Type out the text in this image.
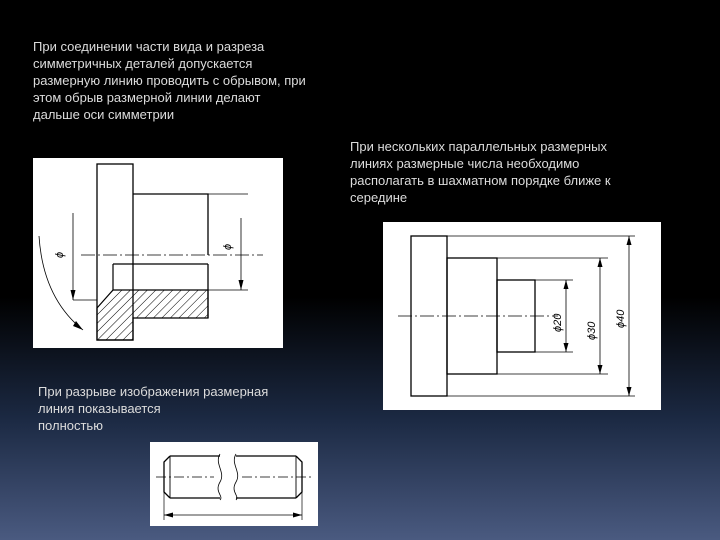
При соединении части вида и разреза
симметричных деталей допускается
размерную линию проводить с обрывом, при
этом обрыв размерной линии делают
дальше оси симметрии

При нескольких параллельных размерных
линиях размерные числа необходимо
располагать в шахматном порядке ближе к
середине

При разрыве изображения размерная
линия показывается
полностью

ϕ
ϕ
ϕ20 ϕ30
ϕ40
